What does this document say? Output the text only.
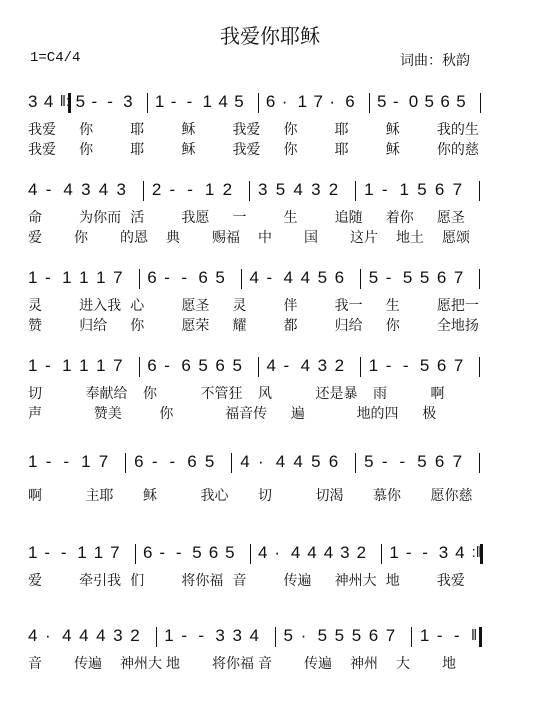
我爱你耶稣
1=C4/4	词曲：秋韵
3 4 ‖: 5 - - 3 1 - - 1 4 5 6 · 1 7 · 6 5 - 0 5 6 5
我爱 你	耶	稣	我爱 你	耶	稣	我的生
我爱 你	耶	稣	我爱 你	耶	稣	你的慈
4 - 4 3 4 3 2 - - 1 2 3 5 4 3 2 1 - 1 5 6 7
命	为你而 活	我愿 一	生	追随 着你 愿圣
爱 你 的恩 典 赐福 中 国 这片 地土 愿颂
1 - 1 1 1 7 6 - - 6 5 4 - 4 4 5 6 5 - 5 5 6 7
灵	进入我 心	愿圣 灵	伴	我一 生	愿把一
赞	归给 你	愿荣 耀	都	归给 你	全地扬
1 - 1 1 1 7 6 - 6 5 6 5 4 - 4 3 2 1 - - 5 6 7
切	奉献给 你	不管狂 风	还是暴 雨	啊
声	赞美	你	福音传 遍	地的四 极
1 - - 1 7 6 - - 6 5 4 · 4 4 5 6 5 - - 5 6 7
啊	主耶 稣	我心 切	切渴 慕你 愿你慈
1 - - 1 1 7 6 - - 5 6 5 4 · 4 4 4 3 2 1 - - 3 4 :‖
爱	牵引我 们	将你福 音	传遍 神州大 地	我爱
4 · 4 4 4 3 2 1 - - 3 3 4 5 · 5 5 5 6 7 1 - - ‖
音 传遍 神州大 地 将你福 音 传遍 神州 大 地
